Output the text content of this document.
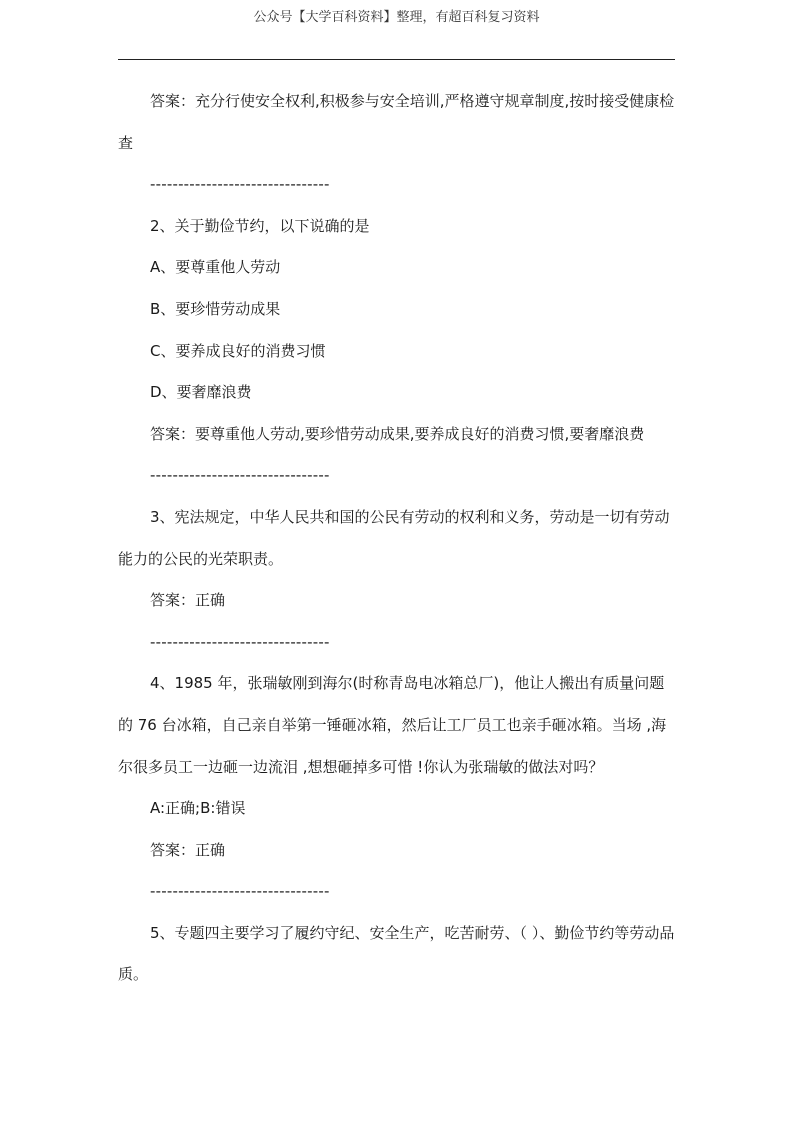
公众号【大学百科资料】整理，有超百科复习资料

答案：充分行使安全权利,积极参与安全培训,严格遵守规章制度,按时接受健康检查

--------------------------------

2、关于勤俭节约，以下说确的是

A、要尊重他人劳动

B、要珍惜劳动成果

C、要养成良好的消费习惯

D、要奢靡浪费

答案：要尊重他人劳动,要珍惜劳动成果,要养成良好的消费习惯,要奢靡浪费

--------------------------------

3、宪法规定，中华人民共和国的公民有劳动的权利和义务，劳动是一切有劳动能力的公民的光荣职责。

答案：正确

--------------------------------

4、1985 年，张瑞敏刚到海尔(时称青岛电冰箱总厂)，他让人搬出有质量问题的 76 台冰箱，自己亲自举第一锤砸冰箱，然后让工厂员工也亲手砸冰箱。当场 ,海尔很多员工一边砸一边流泪 ,想想砸掉多可惜 !你认为张瑞敏的做法对吗？

A:正确;B:错误

答案：正确

--------------------------------

5、专题四主要学习了履约守纪、安全生产，吃苦耐劳、（ ）、勤俭节约等劳动品质。
